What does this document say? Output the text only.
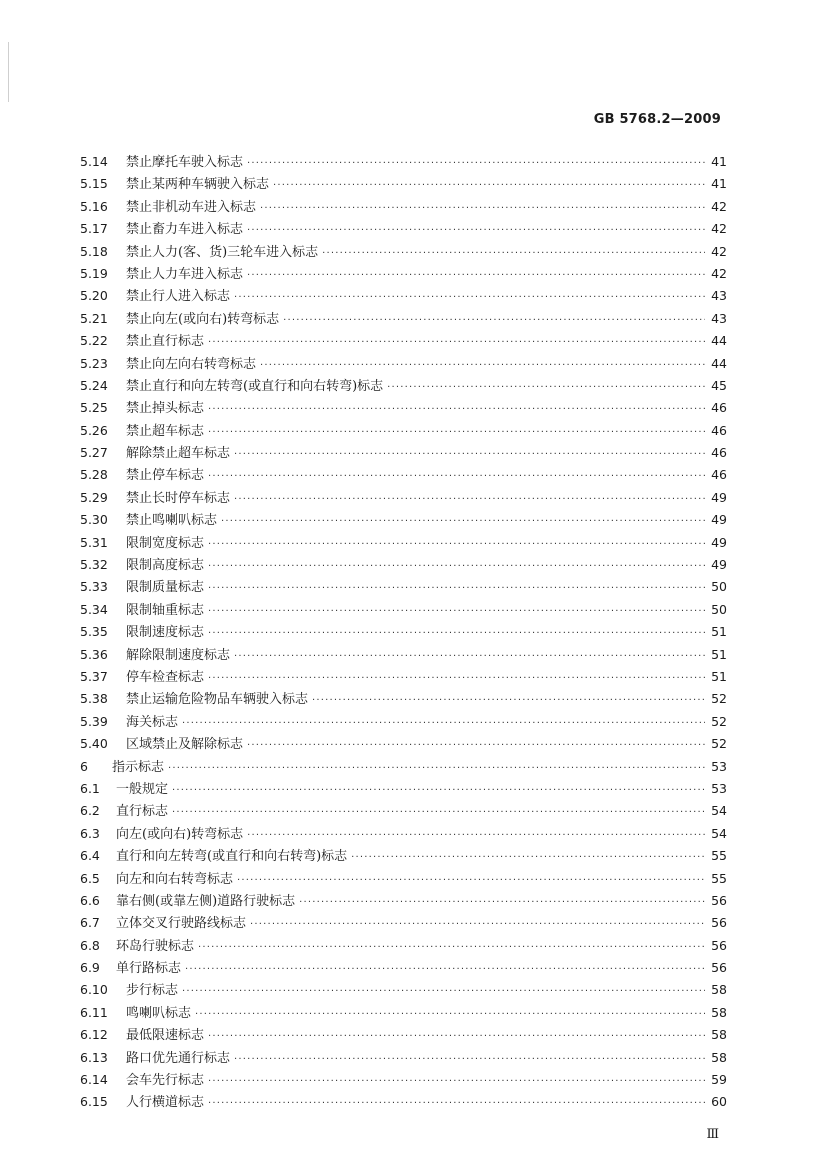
GB 5768.2—2009
5.14	禁止摩托车驶入标志 ·····	41
5.15	禁止某两种车辆驶入标志 ·····	41
5.16	禁止非机动车进入标志 ·····	42
5.17	禁止畜力车进入标志 ·····	42
5.18	禁止人力(客、货)三轮车进入标志 ·····	42
5.19	禁止人力车进入标志 ·····	42
5.20	禁止行人进入标志 ·····	43
5.21	禁止向左(或向右)转弯标志 ·····	43
5.22	禁止直行标志 ·····	44
5.23	禁止向左向右转弯标志 ·····	44
5.24	禁止直行和向左转弯(或直行和向右转弯)标志 ·····	45
5.25	禁止掉头标志 ·····	46
5.26	禁止超车标志 ·····	46
5.27	解除禁止超车标志 ·····	46
5.28	禁止停车标志 ·····	46
5.29	禁止长时停车标志 ·····	49
5.30	禁止鸣喇叭标志 ·····	49
5.31	限制宽度标志 ·····	49
5.32	限制高度标志 ·····	49
5.33	限制质量标志 ·····	50
5.34	限制轴重标志 ·····	50
5.35	限制速度标志 ·····	51
5.36	解除限制速度标志 ·····	51
5.37	停车检查标志 ·····	51
5.38	禁止运输危险物品车辆驶入标志 ·····	52
5.39	海关标志 ·····	52
5.40	区域禁止及解除标志 ·····	52
6	指示标志 ·····	53
6.1	一般规定 ·····	53
6.2	直行标志 ·····	54
6.3	向左(或向右)转弯标志 ·····	54
6.4	直行和向左转弯(或直行和向右转弯)标志 ·····	55
6.5	向左和向右转弯标志 ·····	55
6.6	靠右侧(或靠左侧)道路行驶标志 ·····	56
6.7	立体交叉行驶路线标志 ·····	56
6.8	环岛行驶标志 ·····	56
6.9	单行路标志 ·····	56
6.10	步行标志 ·····	58
6.11	鸣喇叭标志 ·····	58
6.12	最低限速标志 ·····	58
6.13	路口优先通行标志 ·····	58
6.14	会车先行标志 ·····	59
6.15	人行横道标志 ·····	60
Ⅲ
